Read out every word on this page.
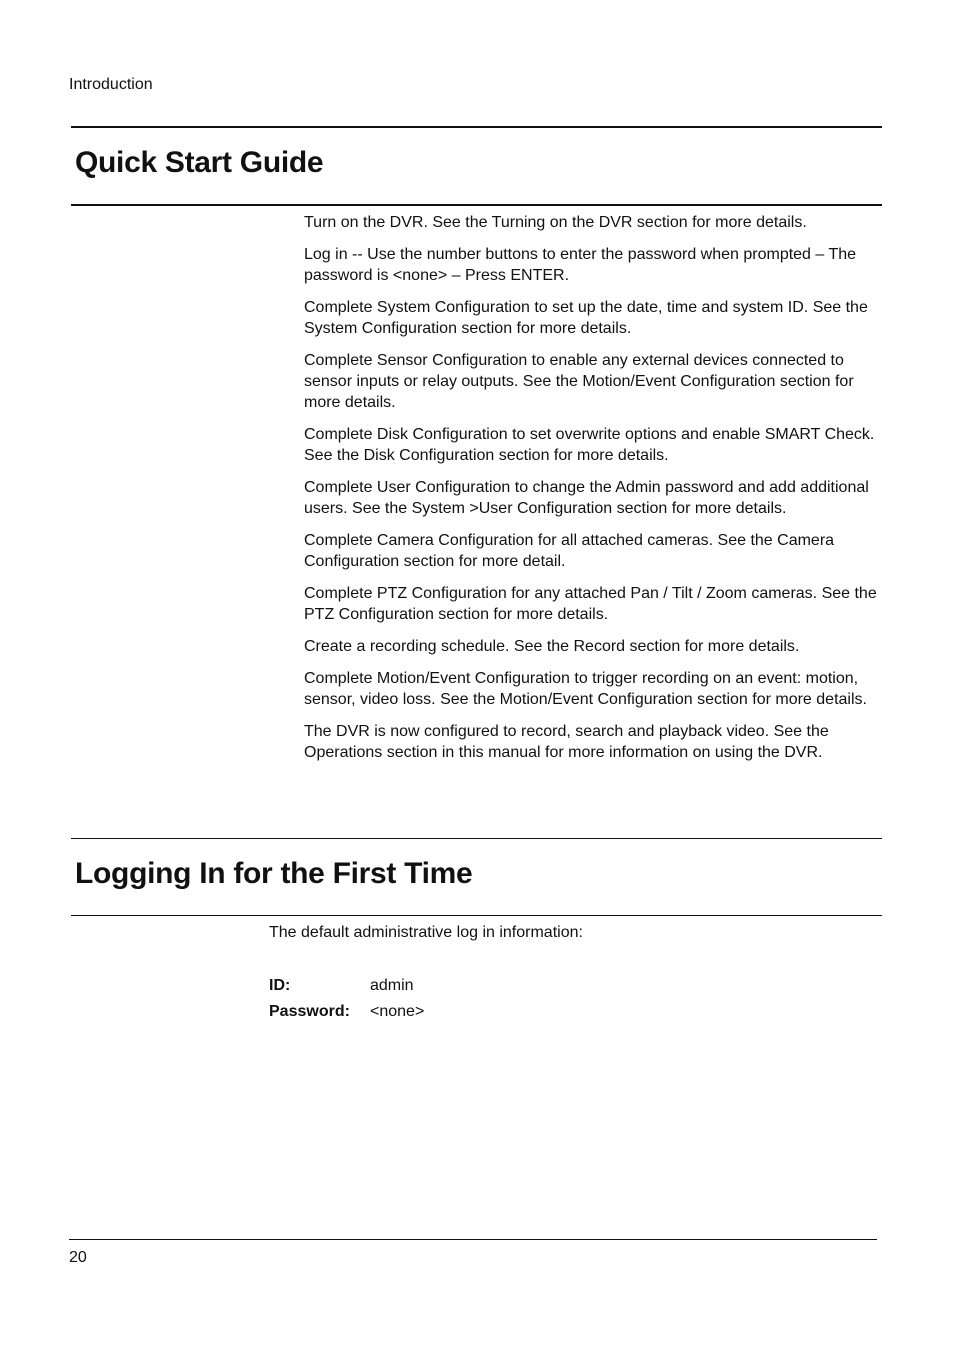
Introduction
Quick Start Guide
Turn on the DVR. See the Turning on the DVR section for more details.
Log in -- Use the number buttons to enter the password when prompted – The password is <none> – Press ENTER.
Complete System Configuration to set up the date, time and system ID. See the System Configuration section for more details.
Complete Sensor Configuration to enable any external devices connected to sensor inputs or relay outputs. See the Motion/Event Configuration section for more details.
Complete Disk Configuration to set overwrite options and enable SMART Check. See the Disk Configuration section for more details.
Complete User Configuration to change the Admin password and add additional users. See the System >User Configuration section for more details.
Complete Camera Configuration for all attached cameras. See the Camera Configuration section for more detail.
Complete PTZ Configuration for any attached Pan / Tilt / Zoom cameras. See the PTZ Configuration section for more details.
Create a recording schedule. See the Record section for more details.
Complete Motion/Event Configuration to trigger recording on an event: motion, sensor, video loss. See the Motion/Event Configuration section for more details.
The DVR is now configured to record, search and playback video. See the Operations section in this manual for more information on using the DVR.
Logging In for the First Time

The default administrative log in information:

ID:	admin
Password:	<none>
20
